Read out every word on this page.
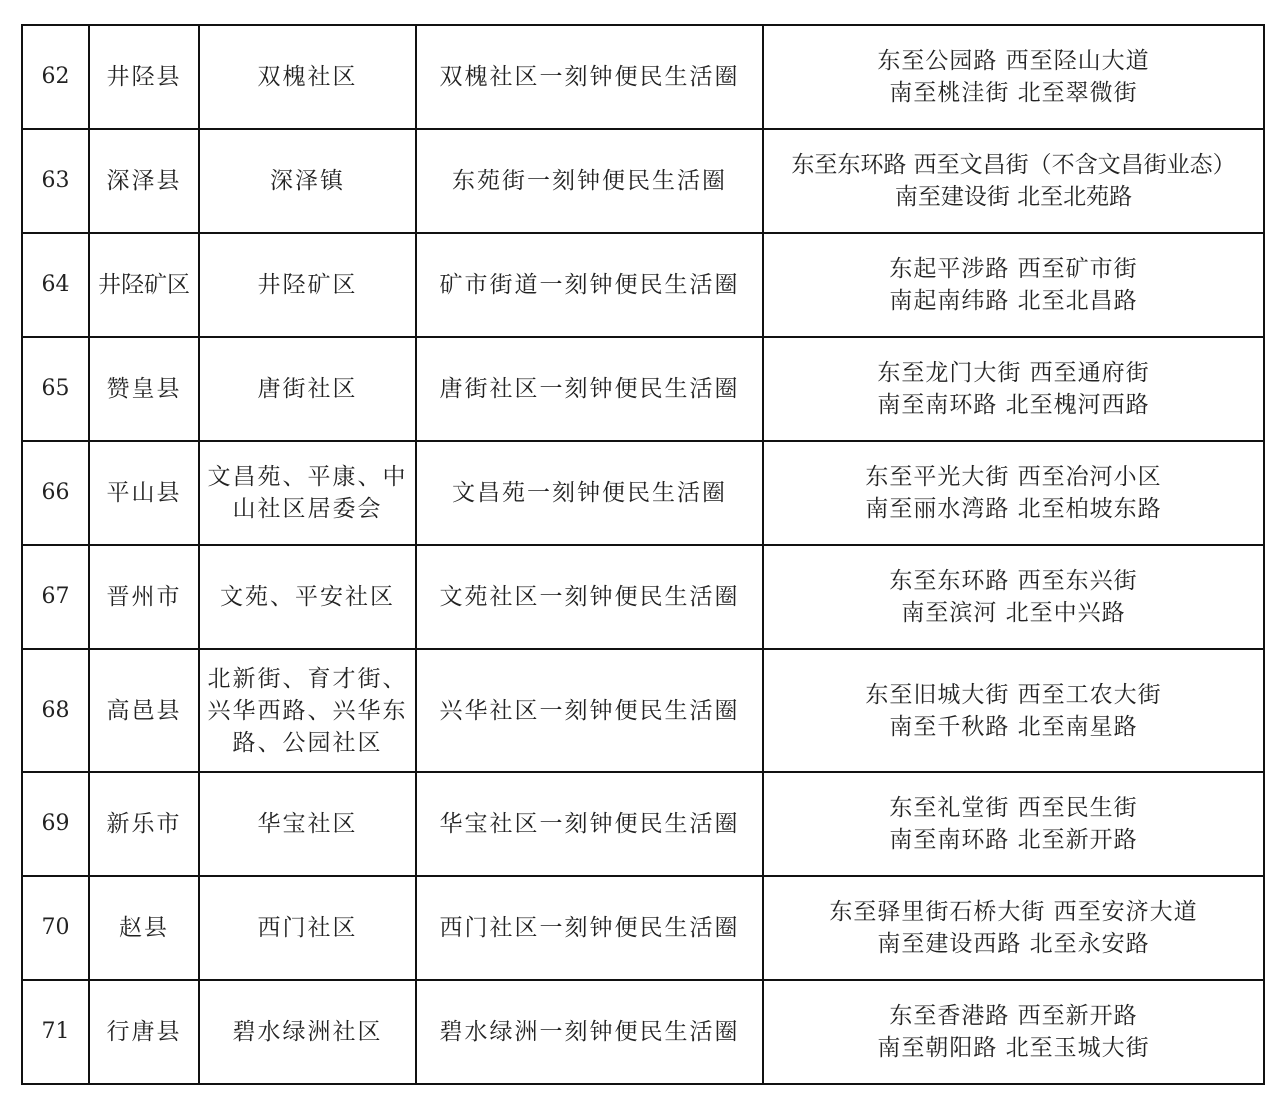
62	井陉县	双槐社区	双槐社区一刻钟便民生活圈	东至公园路 西至陉山大道
南至桃洼街 北至翠微街

63	深泽县	深泽镇	东苑街一刻钟便民生活圈	东至东环路 西至文昌街（不含文昌街业态）
南至建设街 北至北苑路

64	井陉矿区	井陉矿区	矿市街道一刻钟便民生活圈	东起平涉路 西至矿市街
南起南纬路 北至北昌路

65	赞皇县	唐街社区	唐街社区一刻钟便民生活圈	东至龙门大街 西至通府街
南至南环路 北至槐河西路

66	平山县	文昌苑、平康、中山社区居委会	文昌苑一刻钟便民生活圈	东至平光大街 西至冶河小区
南至丽水湾路 北至柏坡东路

67	晋州市	文苑、平安社区	文苑社区一刻钟便民生活圈	东至东环路 西至东兴街
南至滨河 北至中兴路

68	高邑县	北新街、育才街、兴华西路、兴华东路、公园社区	兴华社区一刻钟便民生活圈	东至旧城大街 西至工农大街
南至千秋路 北至南星路

69	新乐市	华宝社区	华宝社区一刻钟便民生活圈	东至礼堂街 西至民生街
南至南环路 北至新开路

70	赵县	西门社区	西门社区一刻钟便民生活圈	东至驿里街石桥大街 西至安济大道
南至建设西路 北至永安路

71	行唐县	碧水绿洲社区	碧水绿洲一刻钟便民生活圈	东至香港路 西至新开路
南至朝阳路 北至玉城大街
